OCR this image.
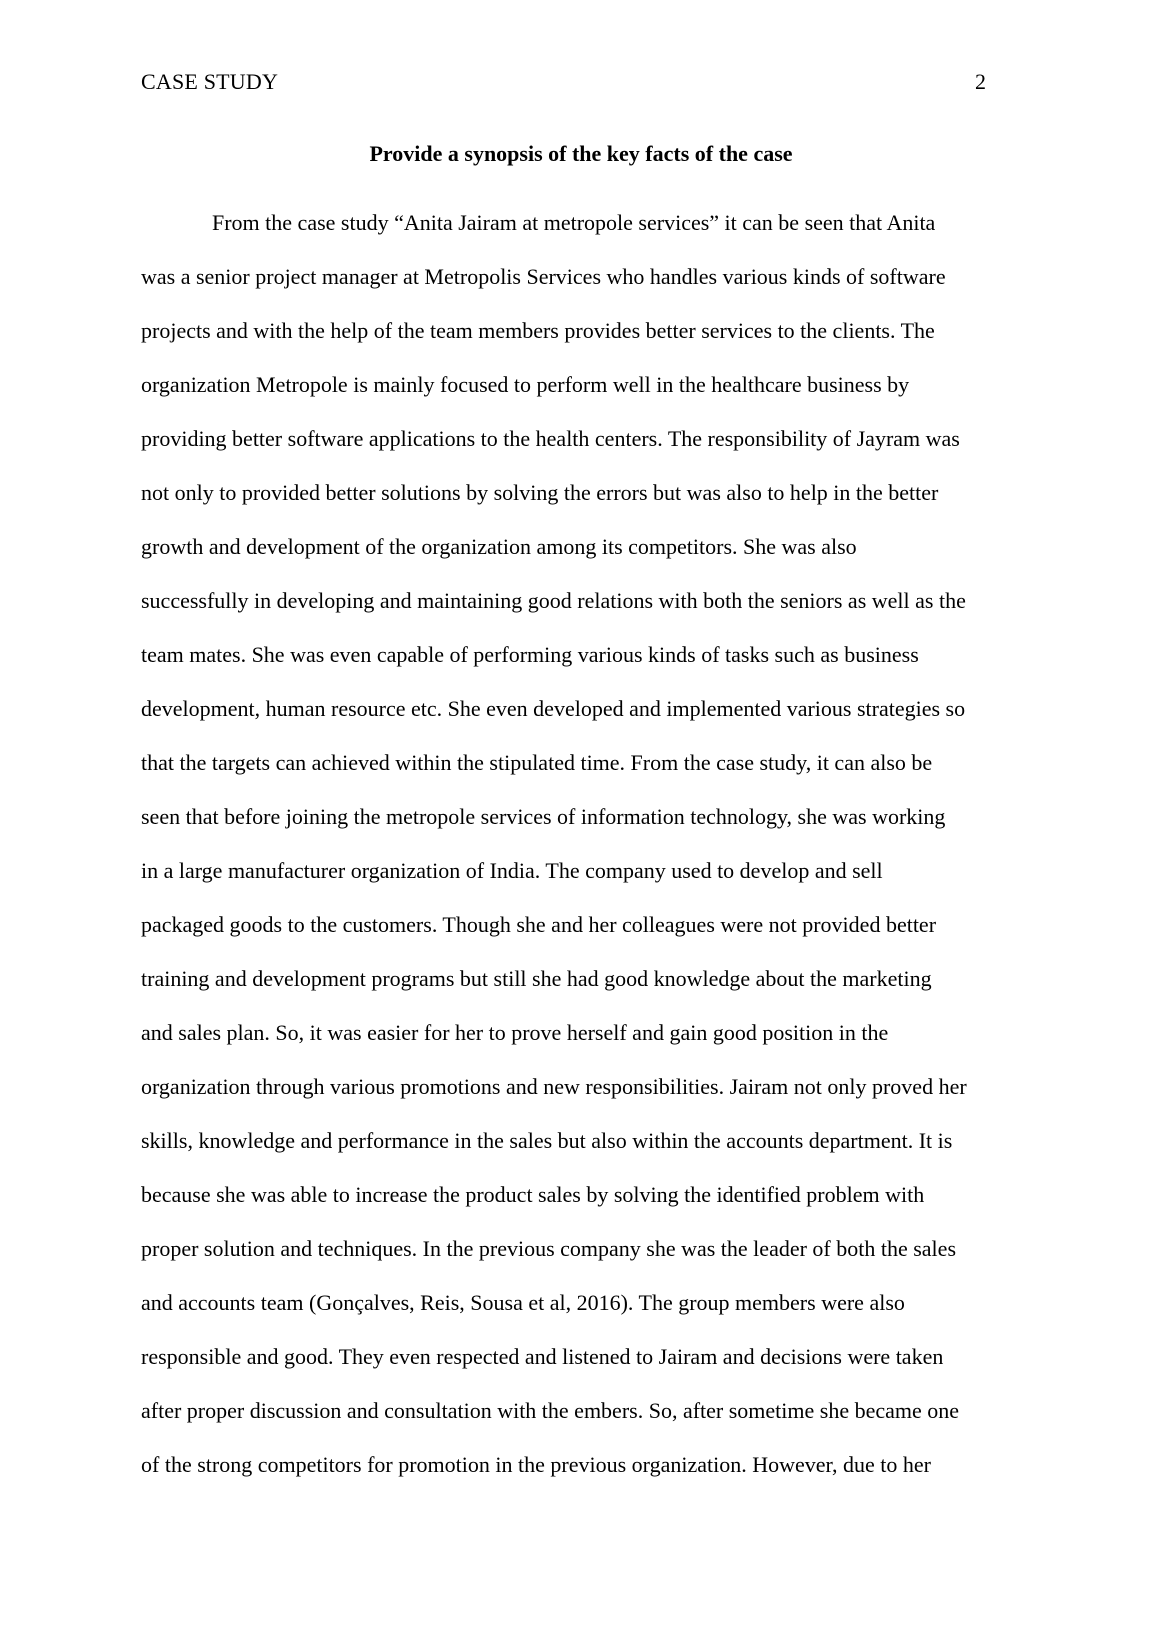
CASE STUDY	2
Provide a synopsis of the key facts of the case
From the case study “Anita Jairam at metropole services” it can be seen that Anita
was a senior project manager at Metropolis Services who handles various kinds of software
projects and with the help of the team members provides better services to the clients. The
organization Metropole is mainly focused to perform well in the healthcare business by
providing better software applications to the health centers. The responsibility of Jayram was
not only to provided better solutions by solving the errors but was also to help in the better
growth and development of the organization among its competitors. She was also
successfully in developing and maintaining good relations with both the seniors as well as the
team mates. She was even capable of performing various kinds of tasks such as business
development, human resource etc. She even developed and implemented various strategies so
that the targets can achieved within the stipulated time. From the case study, it can also be
seen that before joining the metropole services of information technology, she was working
in a large manufacturer organization of India. The company used to develop and sell
packaged goods to the customers. Though she and her colleagues were not provided better
training and development programs but still she had good knowledge about the marketing
and sales plan. So, it was easier for her to prove herself and gain good position in the
organization through various promotions and new responsibilities. Jairam not only proved her
skills, knowledge and performance in the sales but also within the accounts department. It is
because she was able to increase the product sales by solving the identified problem with
proper solution and techniques. In the previous company she was the leader of both the sales
and accounts team (Gonçalves, Reis, Sousa et al, 2016). The group members were also
responsible and good. They even respected and listened to Jairam and decisions were taken
after proper discussion and consultation with the embers. So, after sometime she became one
of the strong competitors for promotion in the previous organization. However, due to her
